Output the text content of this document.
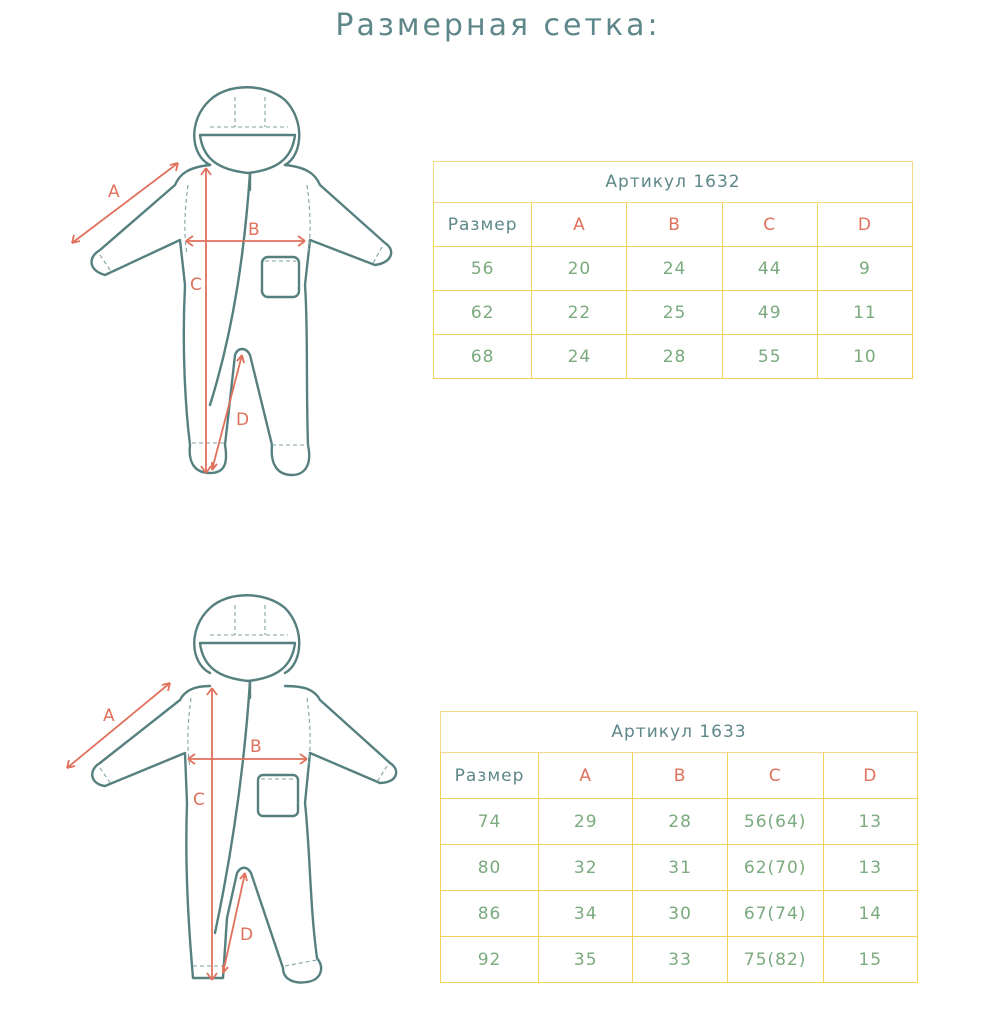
Размерная сетка:
A
B
C
D
Артикул 1632				
Размер	A	B	C	D
56	20	24	44	9
62	22	25	49	11
68	24	28	55	10
A
B
C
D
Артикул 1633				
Размер	A	B	C	D
74	29	28	56(64)	13
80	32	31	62(70)	13
86	34	30	67(74)	14
92	35	33	75(82)	15
